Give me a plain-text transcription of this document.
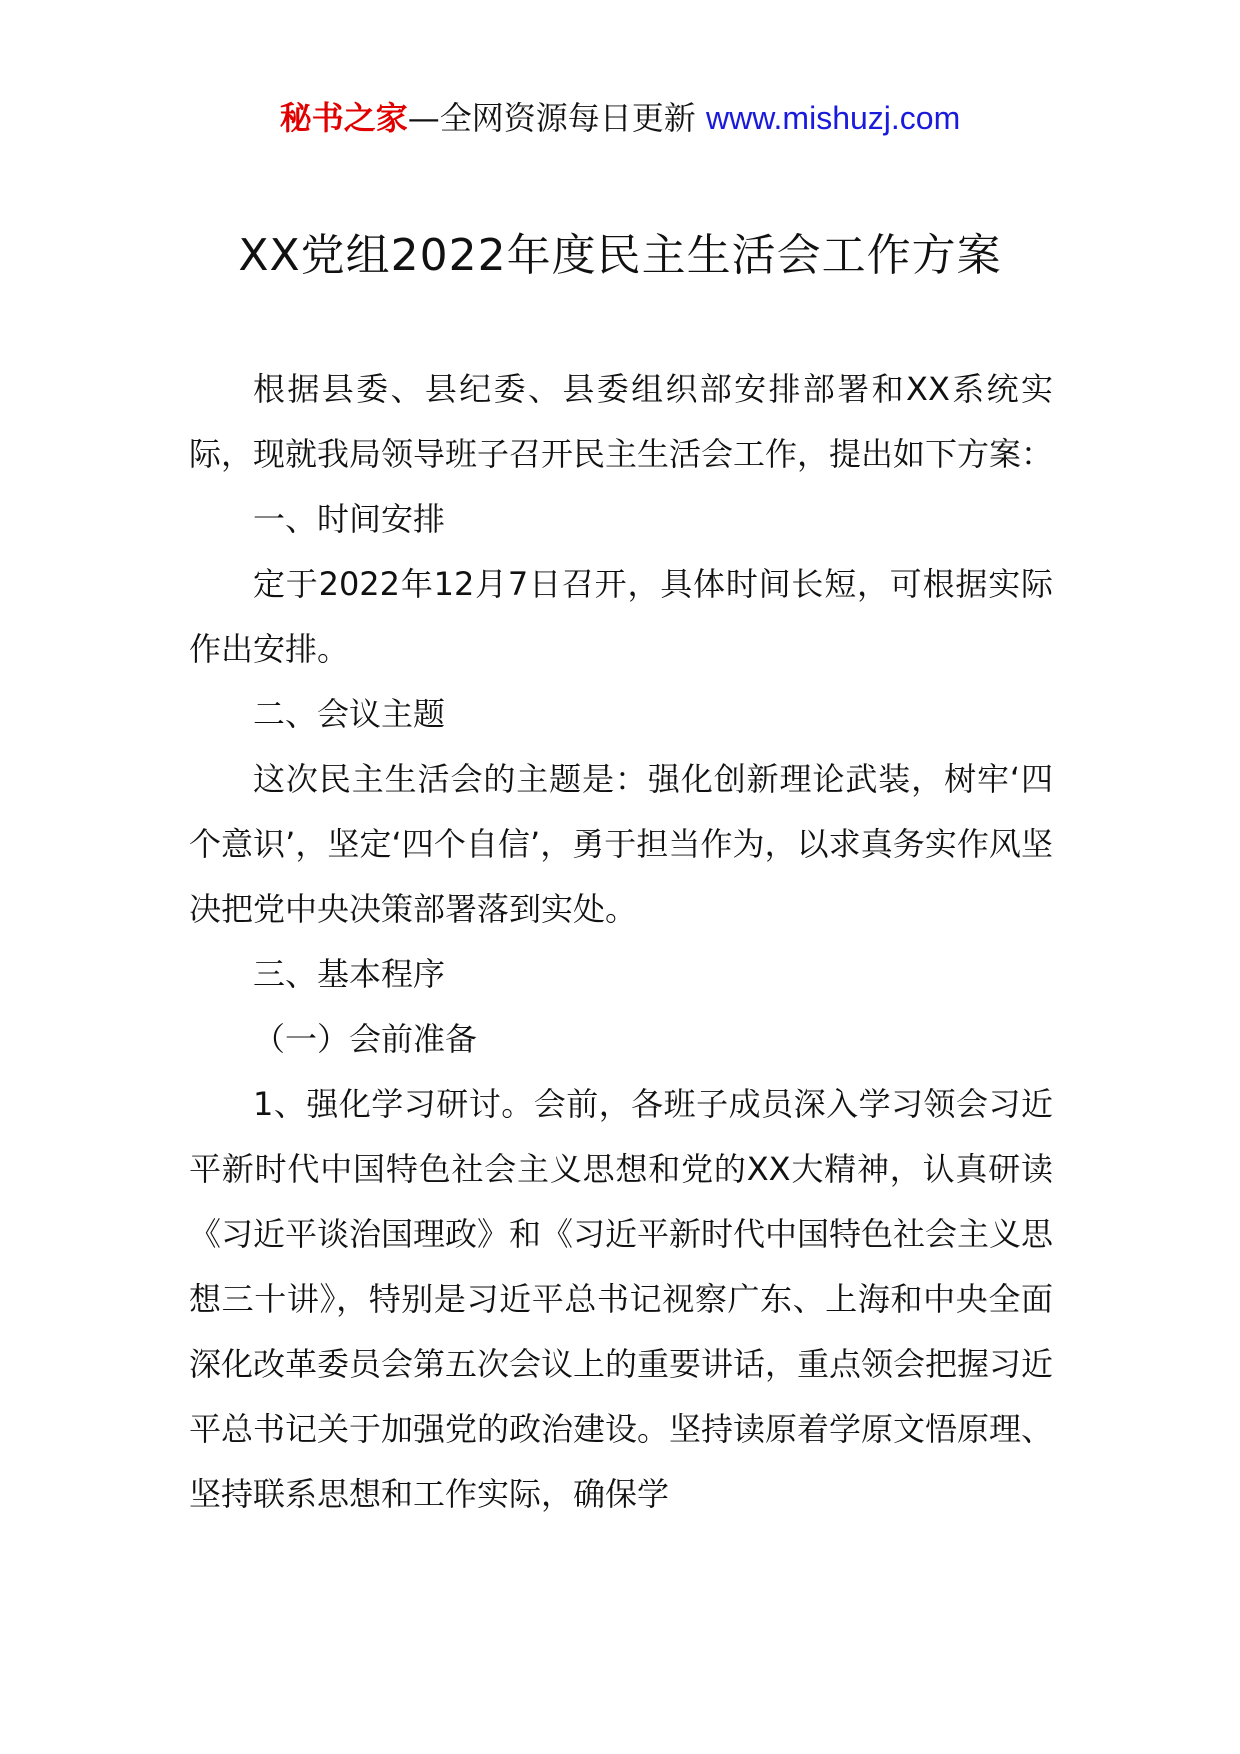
秘书之家—全网资源每日更新 www.mishuzj.com
XX党组2022年度民主生活会工作方案

根据县委、县纪委、县委组织部安排部署和XX系统实际，现就我局领导班子召开民主生活会工作，提出如下方案：

一、时间安排

定于2022年12月7日召开，具体时间长短，可根据实际作出安排。

二、会议主题

这次民主生活会的主题是：强化创新理论武装，树牢‘四个意识’，坚定‘四个自信’，勇于担当作为，以求真务实作风坚决把党中央决策部署落到实处。

三、基本程序

（一）会前准备

1、强化学习研讨。会前，各班子成员深入学习领会习近平新时代中国特色社会主义思想和党的XX大精神，认真研读《习近平谈治国理政》和《习近平新时代中国特色社会主义思想三十讲》，特别是习近平总书记视察广东、上海和中央全面深化改革委员会第五次会议上的重要讲话，重点领会把握习近平总书记关于加强党的政治建设。坚持读原着学原文悟原理、坚持联系思想和工作实际，确保学
